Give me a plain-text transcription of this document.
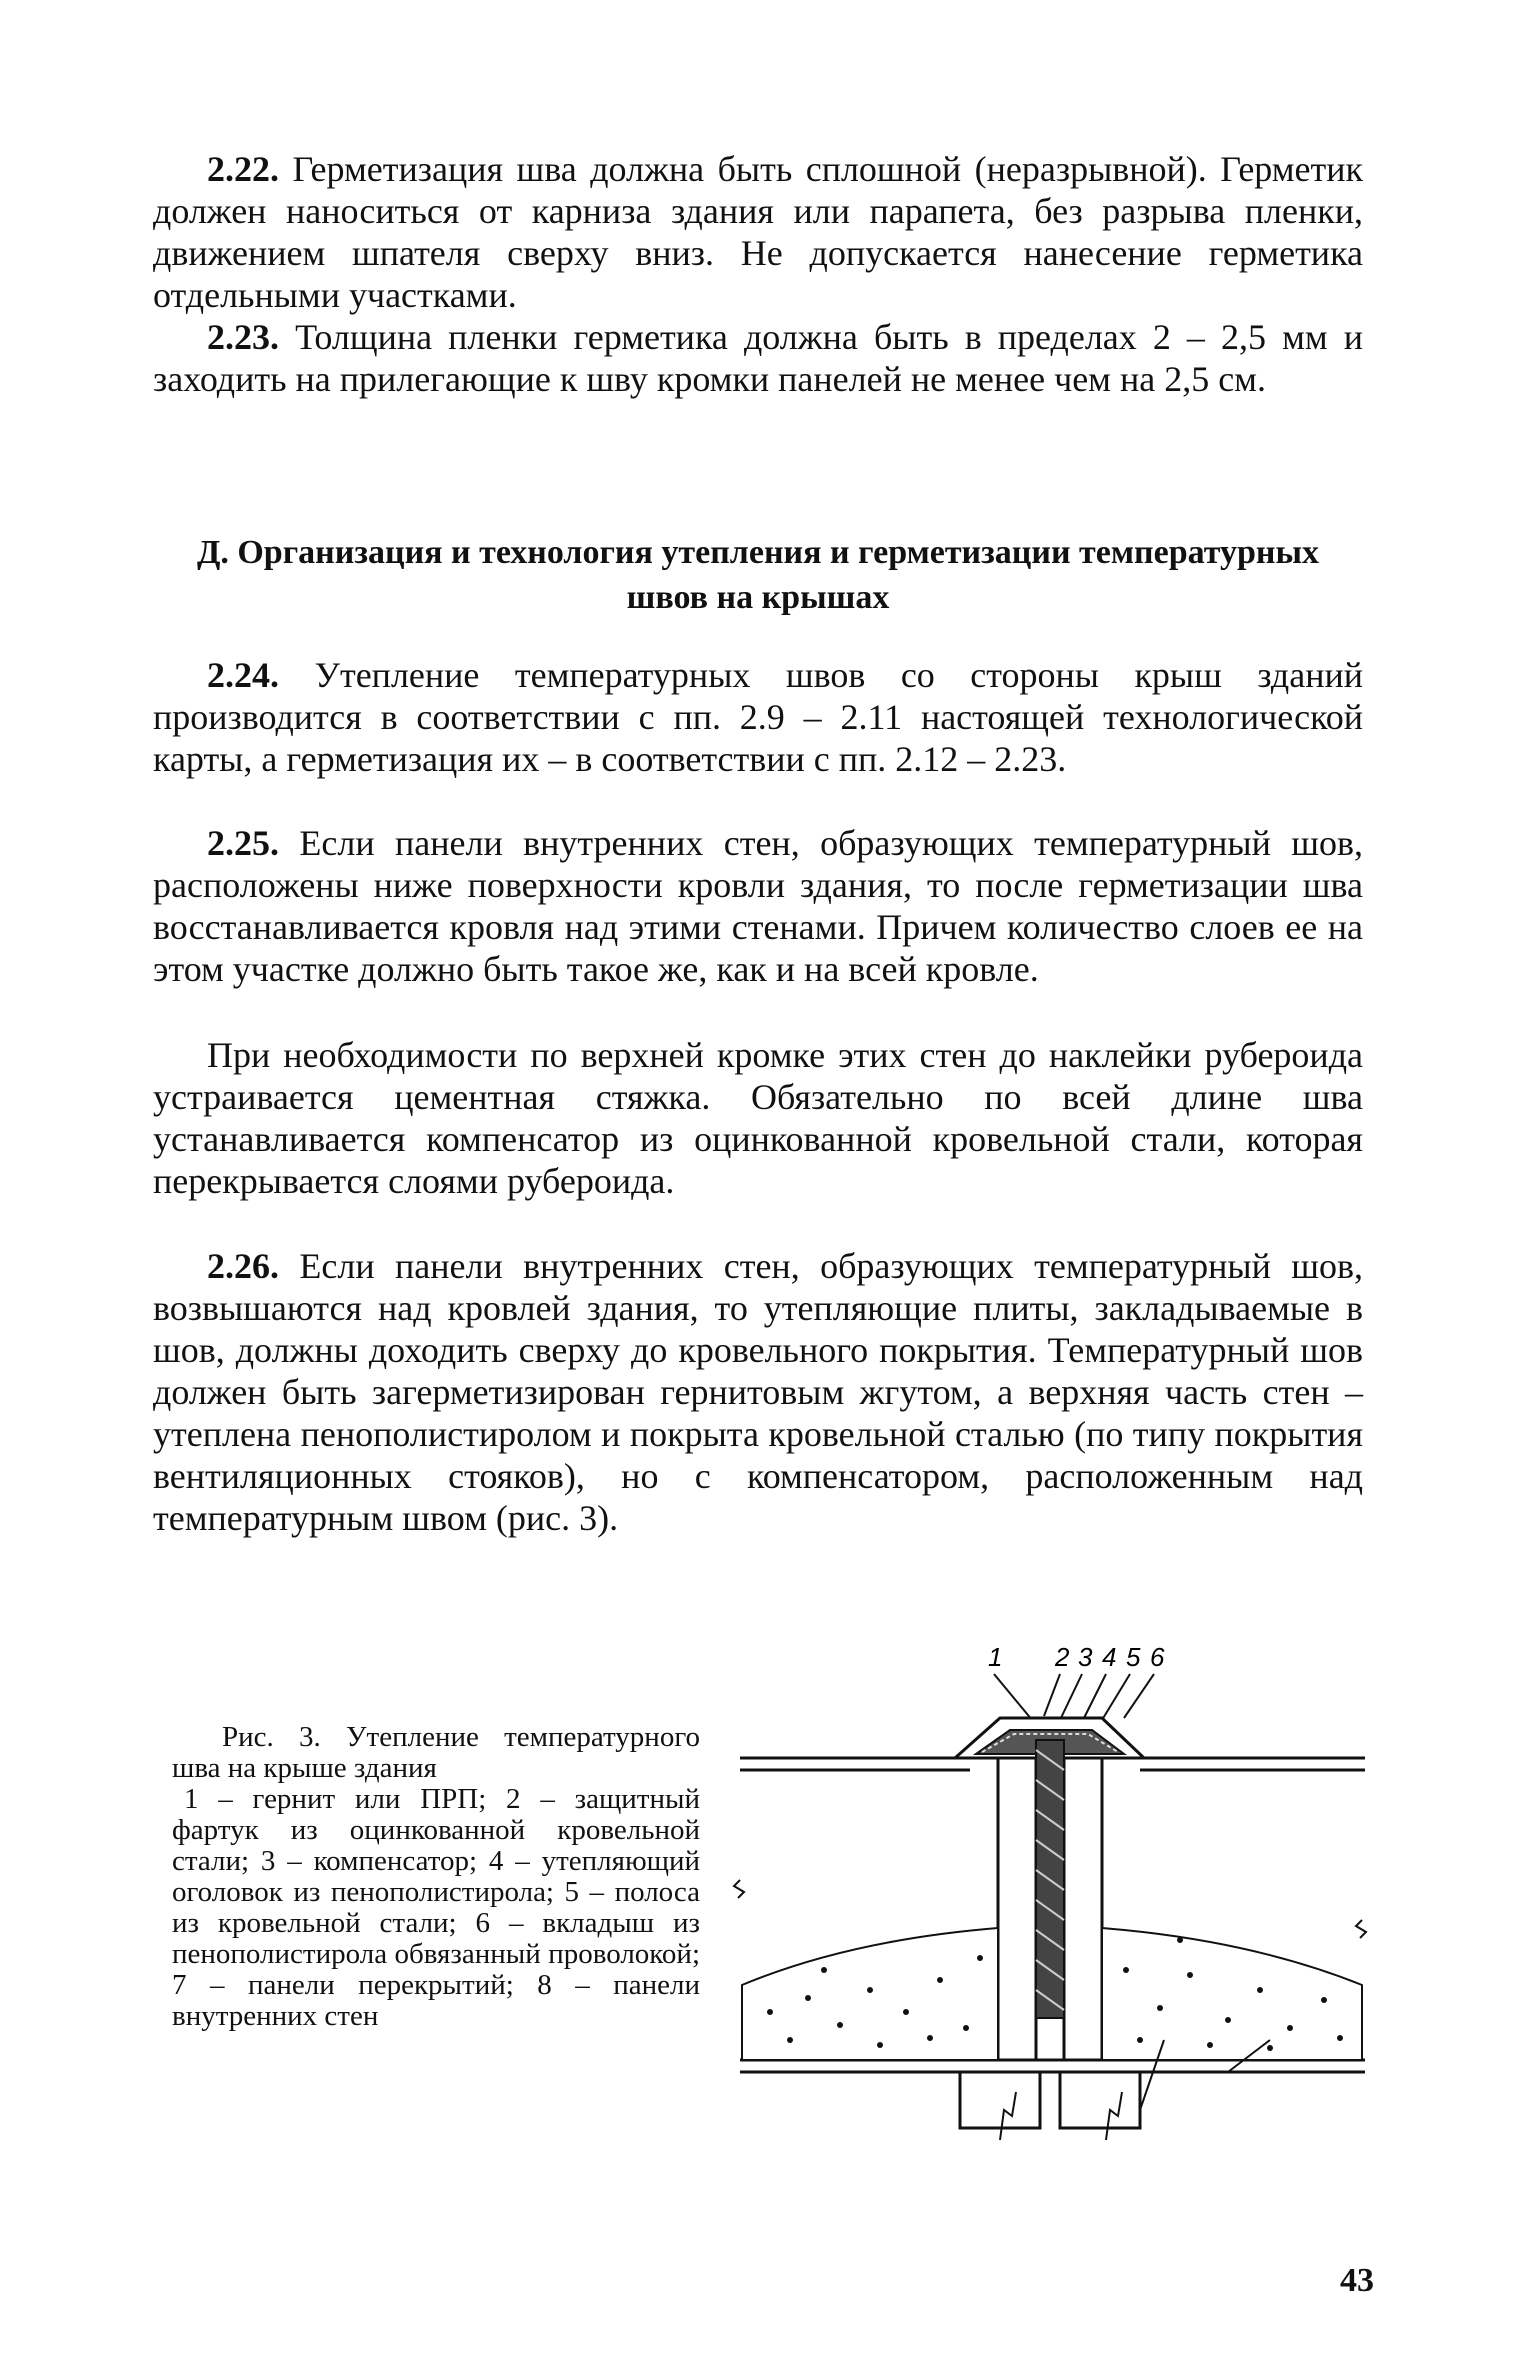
2.22. Герметизация шва должна быть сплошной (неразрывной). Герметик должен наноситься от карниза здания или парапета, без разрыва пленки, движением шпателя сверху вниз. Не допускается нанесение герметика отдельными участками.

2.23. Толщина пленки герметика должна быть в пределах 2 – 2,5 мм и заходить на прилегающие к шву кромки панелей не менее чем на 2,5 см.

Д. Организация и технология утепления и герметизации температурных швов на крышах

2.24. Утепление температурных швов со стороны крыш зданий производится в соответствии с пп. 2.9 – 2.11 настоящей технологической карты, а герметизация их – в соответствии с пп. 2.12 – 2.23.

2.25. Если панели внутренних стен, образующих температурный шов, расположены ниже поверхности кровли здания, то после герметизации шва восстанавливается кровля над этими стенами. Причем количество слоев ее на этом участке должно быть такое же, как и на всей кровле.

При необходимости по верхней кромке этих стен до наклейки рубероида устраивается цементная стяжка. Обязательно по всей длине шва устанавливается компенсатор из оцинкованной кровельной стали, которая перекрывается слоями рубероида.

2.26. Если панели внутренних стен, образующих температурный шов, возвышаются над кровлей здания, то утепляющие плиты, закладываемые в шов, должны доходить сверху до кровельного покрытия. Температурный шов должен быть загерметизирован гернитовым жгутом, а верхняя часть стен – утеплена пенополистиролом и покрыта кровельной сталью (по типу покрытия вентиляционных стояков), но с компенсатором, расположенным над температурным швом (рис. 3).

Рис. 3. Утепление температурного шва на крыше здания
1 – гернит или ПРП; 2 – защитный фартук из оцинкованной кровельной стали; 3 – компенсатор; 4 – утепляющий оголовок из пенополистирола; 5 – полоса из кровельной стали; 6 – вкладыш из пенополистирола обвязанный проволокой; 7 – панели перекрытий; 8 – панели внутренних стен
1 2 3 4 5 6
43
